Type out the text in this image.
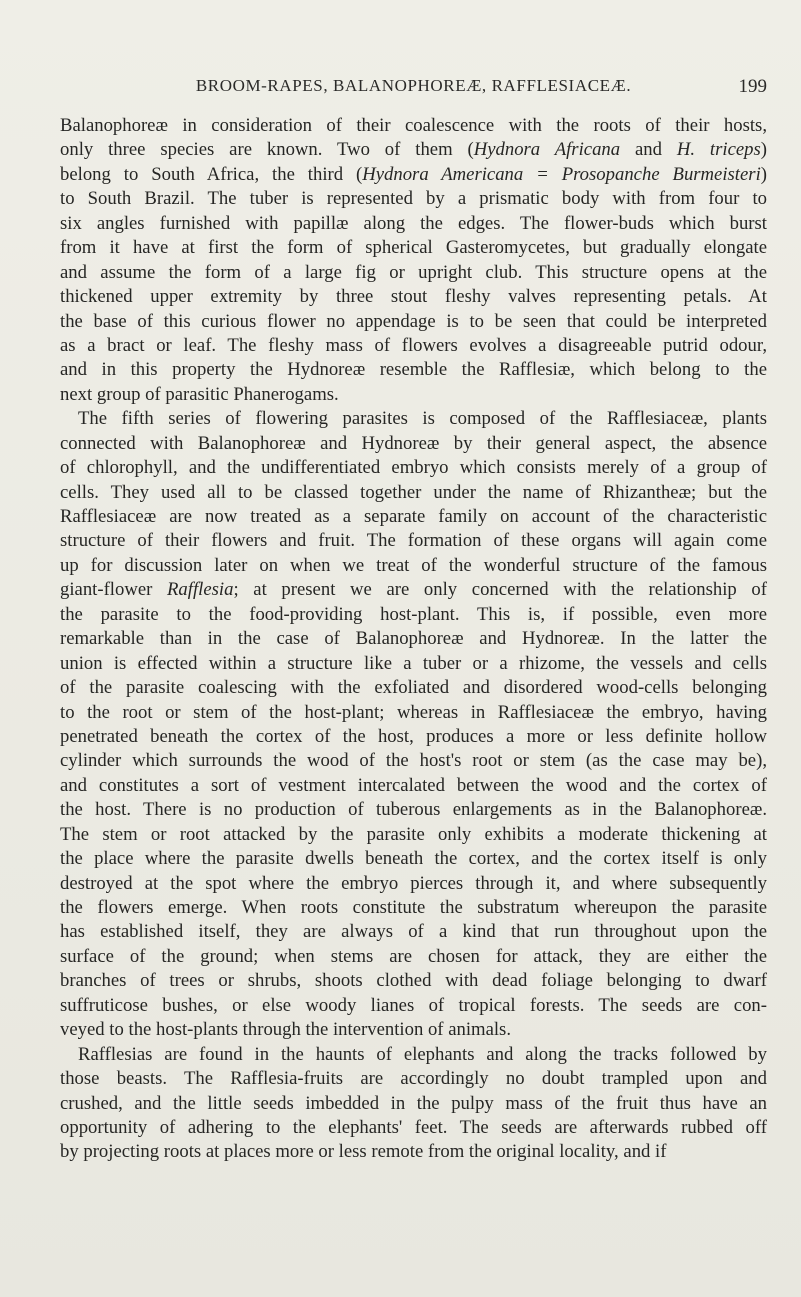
BROOM-RAPES, BALANOPHOREÆ, RAFFLESIACEÆ.	199
Balanophoreæ in consideration of their coalescence with the roots of their hosts,
only three species are known. Two of them (Hydnora Africana and H. triceps)
belong to South Africa, the third (Hydnora Americana = Prosopanche Burmeisteri)
to South Brazil. The tuber is represented by a prismatic body with from four to
six angles furnished with papillæ along the edges. The flower-buds which burst
from it have at first the form of spherical Gasteromycetes, but gradually elongate
and assume the form of a large fig or upright club. This structure opens at the
thickened upper extremity by three stout fleshy valves representing petals. At
the base of this curious flower no appendage is to be seen that could be interpreted
as a bract or leaf. The fleshy mass of flowers evolves a disagreeable putrid odour,
and in this property the Hydnoreæ resemble the Rafflesiæ, which belong to the
next group of parasitic Phanerogams.
The fifth series of flowering parasites is composed of the Rafflesiaceæ, plants
connected with Balanophoreæ and Hydnoreæ by their general aspect, the absence
of chlorophyll, and the undifferentiated embryo which consists merely of a group of
cells. They used all to be classed together under the name of Rhizantheæ; but the
Rafflesiaceæ are now treated as a separate family on account of the characteristic
structure of their flowers and fruit. The formation of these organs will again come
up for discussion later on when we treat of the wonderful structure of the famous
giant-flower Rafflesia; at present we are only concerned with the relationship of
the parasite to the food-providing host-plant. This is, if possible, even more
remarkable than in the case of Balanophoreæ and Hydnoreæ. In the latter the
union is effected within a structure like a tuber or a rhizome, the vessels and cells
of the parasite coalescing with the exfoliated and disordered wood-cells belonging
to the root or stem of the host-plant; whereas in Rafflesiaceæ the embryo, having
penetrated beneath the cortex of the host, produces a more or less definite hollow
cylinder which surrounds the wood of the host's root or stem (as the case may be),
and constitutes a sort of vestment intercalated between the wood and the cortex of
the host. There is no production of tuberous enlargements as in the Balanophoreæ.
The stem or root attacked by the parasite only exhibits a moderate thickening at
the place where the parasite dwells beneath the cortex, and the cortex itself is only
destroyed at the spot where the embryo pierces through it, and where subsequently
the flowers emerge. When roots constitute the substratum whereupon the parasite
has established itself, they are always of a kind that run throughout upon the
surface of the ground; when stems are chosen for attack, they are either the
branches of trees or shrubs, shoots clothed with dead foliage belonging to dwarf
suffruticose bushes, or else woody lianes of tropical forests. The seeds are con-
veyed to the host-plants through the intervention of animals.
Rafflesias are found in the haunts of elephants and along the tracks followed by
those beasts. The Rafflesia-fruits are accordingly no doubt trampled upon and
crushed, and the little seeds imbedded in the pulpy mass of the fruit thus have an
opportunity of adhering to the elephants' feet. The seeds are afterwards rubbed off
by projecting roots at places more or less remote from the original locality, and if
